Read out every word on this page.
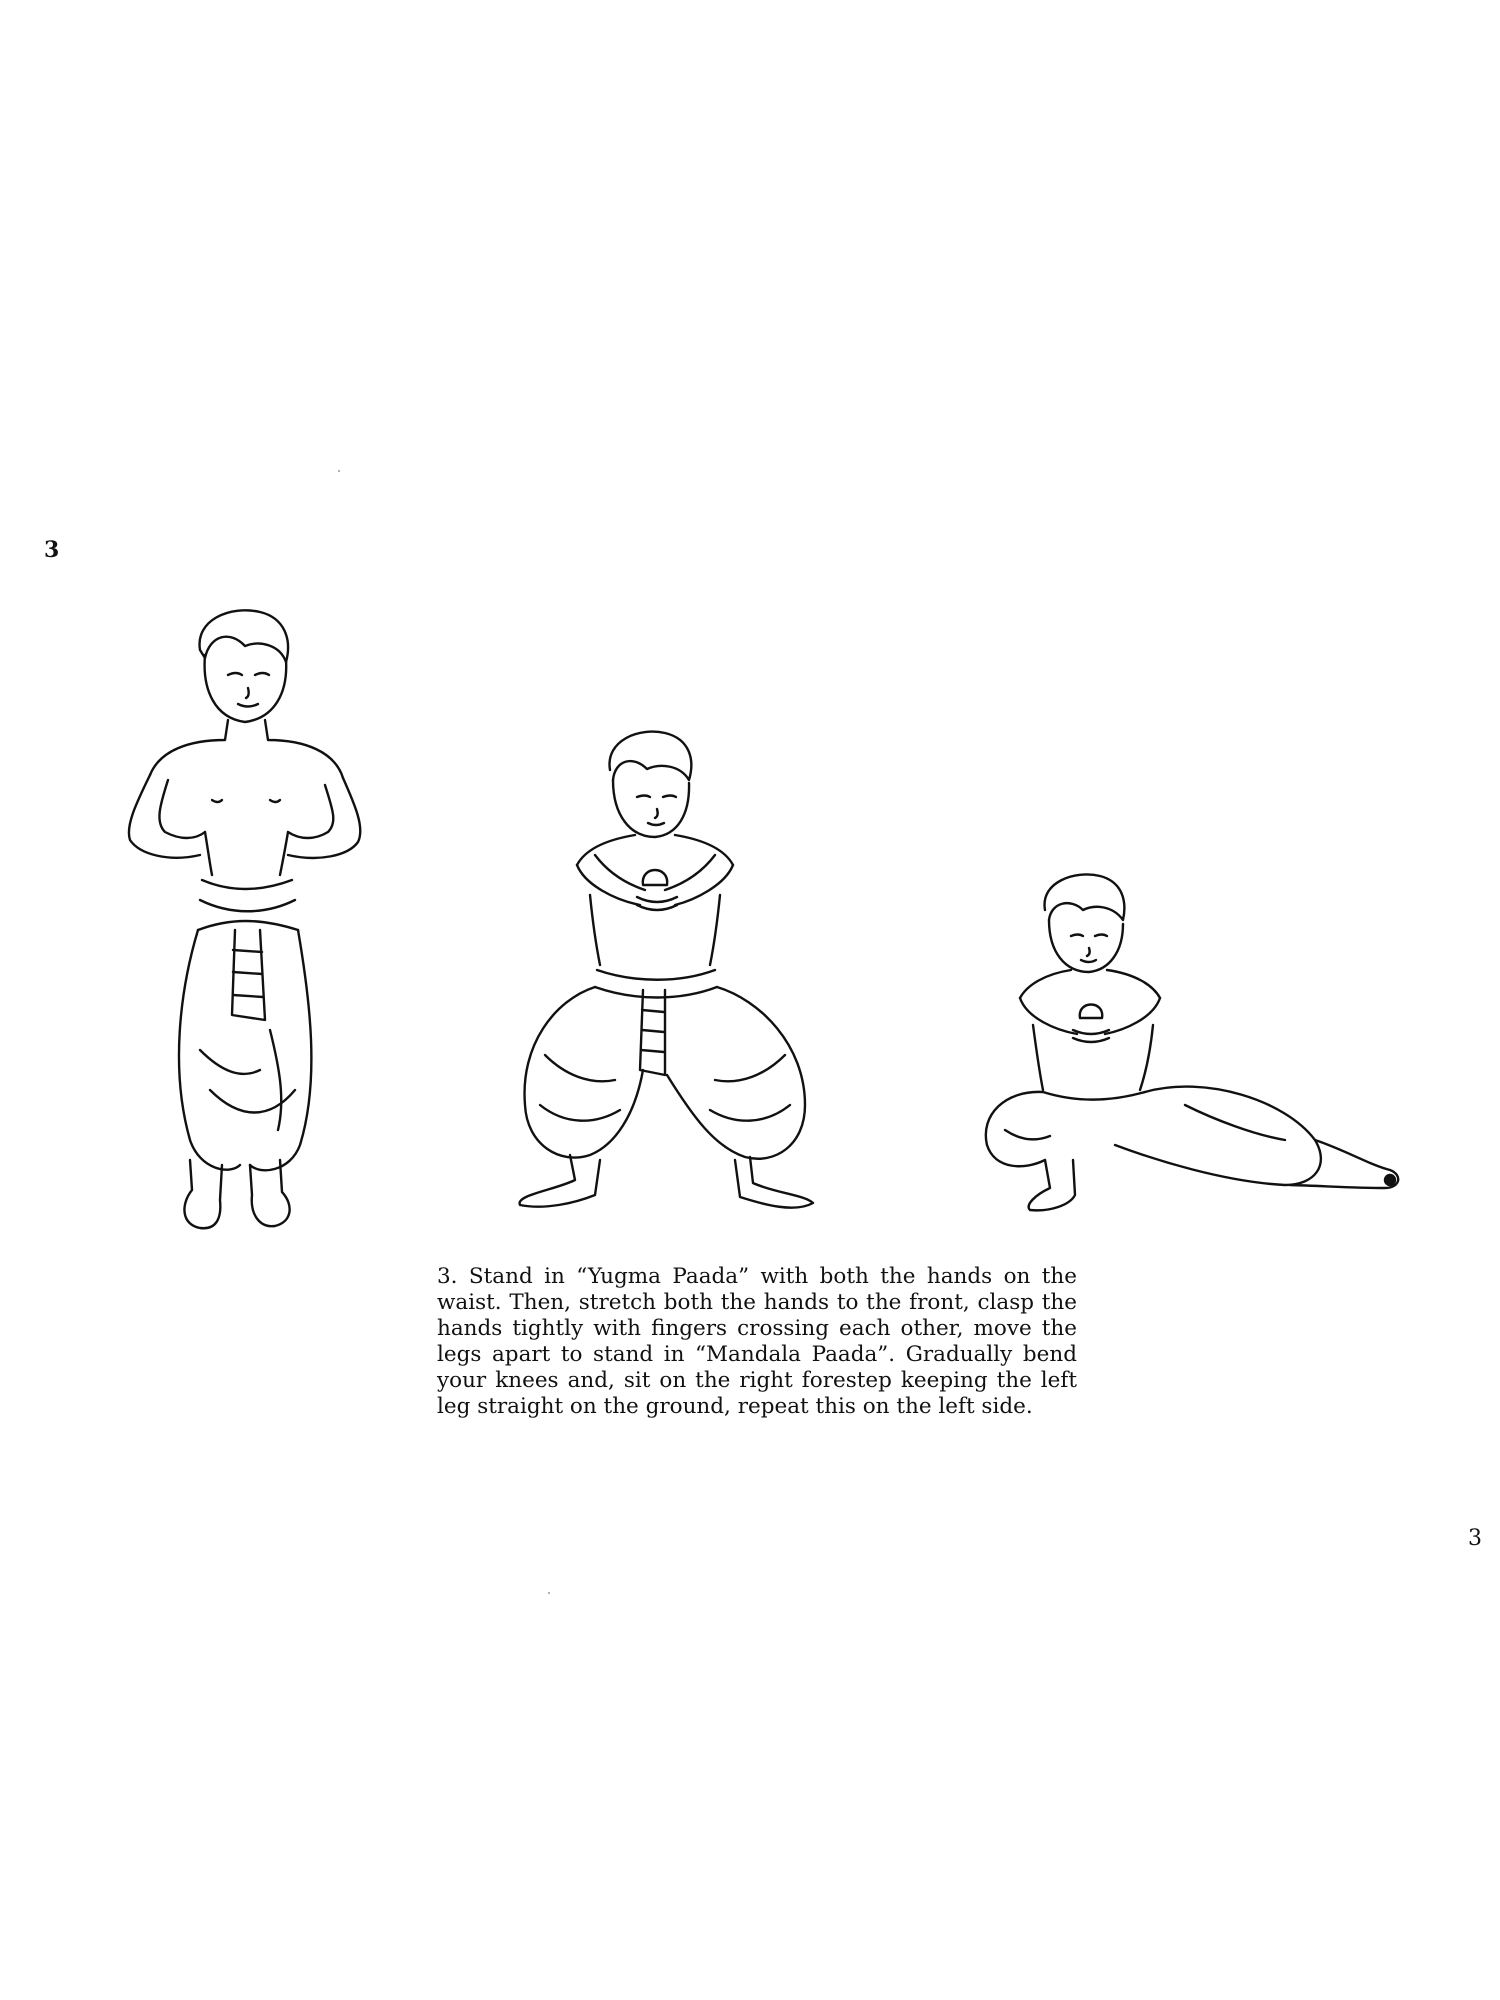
3

3. Stand in “Yugma Paada” with both the hands on the waist. Then, stretch both the hands to the front, clasp the hands tightly with fingers crossing each other, move the legs apart to stand in “Mandala Paada”. Gradually bend your knees and, sit on the right forestep keeping the left leg straight on the ground, repeat this on the left side.

3
